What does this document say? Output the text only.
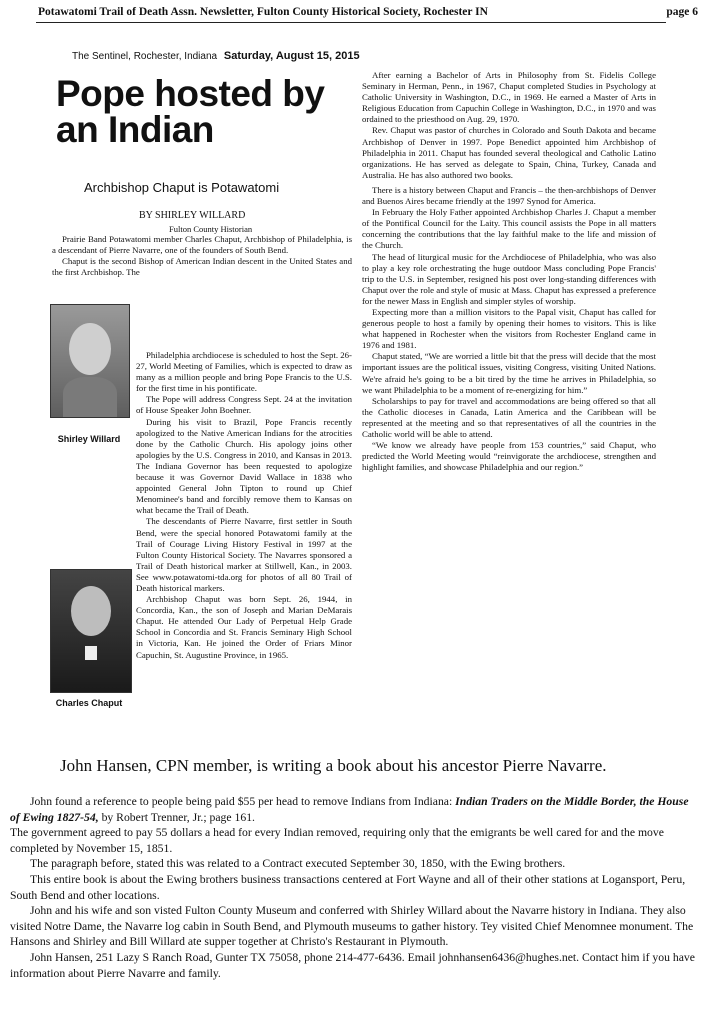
Potawatomi Trail of Death Assn. Newsletter, Fulton County Historical Society, Rochester IN	page 6
The Sentinel, Rochester, Indiana Saturday, August 15, 2015
Pope hosted by an Indian
Archbishop Chaput is Potawatomi
BY SHIRLEY WILLARD
Fulton County Historian

Prairie Band Potawatomi member Charles Chaput, Archbishop of Philadelphia, is a descendant of Pierre Navarre, one of the founders of South Bend.

Chaput is the second Bishop of American Indian descent in the United States and the first Archbishop. The

Shirley Willard

Philadelphia archdiocese is scheduled to host the Sept. 26-27, World Meeting of Families, which is expected to draw as many as a million people and bring Pope Francis to the U.S. for the first time in his pontificate.

The Pope will address Congress Sept. 24 at the invitation of House Speaker John Boehner.

During his visit to Brazil, Pope Francis recently apologized to the Native American Indians for the atrocities done by the Catholic Church. His apology joins other apologies by the U.S. Congress in 2010, and Kansas in 2013. The Indiana Governor has been requested to apologize because it was Governor David Wallace in 1838 who appointed General John Tipton to round up Chief Menominee's band and forcibly remove them to Kansas on what became the Trail of Death.

The descendants of Pierre Navarre, first settler in South Bend, were the special honored Potawatomi family at the Trail of Courage Living History Festival in 1997 at the Fulton County Historical Society. The Navarres sponsored a Trail of Death historical marker at Stillwell, Kan., in 2003. See www.potawatomi-tda.org for photos of all 80 Trail of Death historical markers.

Archbishop Chaput was born Sept. 26, 1944, in Concordia, Kan., the son of Joseph and Marian DeMarais Chaput. He attended Our Lady of Perpetual Help Grade School in Concordia and St. Francis Seminary High School in Victoria, Kan. He joined the Order of Friars Minor Capuchin, St. Augustine Province, in 1965.

Charles Chaput

After earning a Bachelor of Arts in Philosophy from St. Fidelis College Seminary in Herman, Penn., in 1967, Chaput completed Studies in Psychology at Catholic University in Washington, D.C., in 1969. He earned a Master of Arts in Religious Education from Capuchin College in Washington, D.C., in 1970 and was ordained to the priesthood on Aug. 29, 1970.

Rev. Chaput was pastor of churches in Colorado and South Dakota and became Archbishop of Denver in 1997. Pope Benedict appointed him Archbishop of Philadelphia in 2011. Chaput has founded several theological and Catholic Latino organizations. He has served as delegate to Spain, China, Turkey, Canada and Australia. He has also authored two books.

There is a history between Chaput and Francis – the then-archbishops of Denver and Buenos Aires became friendly at the 1997 Synod for America.

In February the Holy Father appointed Archbishop Charles J. Chaput a member of the Pontifical Council for the Laity. This council assists the Pope in all matters concerning the contributions that the lay faithful make to the life and mission of the Church.

The head of liturgical music for the Archdiocese of Philadelphia, who was also to play a key role orchestrating the huge outdoor Mass concluding Pope Francis' trip to the U.S. in September, resigned his post over long-standing differences with Chaput over the role and style of music at Mass. Chaput has expressed a preference for the newer Mass in English and simpler styles of worship.

Expecting more than a million visitors to the Papal visit, Chaput has called for generous people to host a family by opening their homes to visitors. This is like what happened in Rochester when the visitors from Rochester England came in 1976 and 1981.

Chaput stated, “We are worried a little bit that the press will decide that the most important issues are the political issues, visiting Congress, visiting United Nations. We're afraid he's going to be a bit tired by the time he arrives in Philadelphia, so we want Philadelphia to be a moment of re-energizing for him.”

Scholarships to pay for travel and accommodations are being offered so that all the Catholic dioceses in Canada, Latin America and the Caribbean will be represented at the meeting and so that representatives of all the countries in the Catholic world will be able to attend.

“We know we already have people from 153 countries,” said Chaput, who predicted the World Meeting would “reinvigorate the archdiocese, strengthen and highlight families, and showcase Philadelphia and our region.”

John Hansen, CPN member, is writing a book about his ancestor Pierre Navarre.

John found a reference to people being paid $55 per head to remove Indians from Indiana: Indian Traders on the Middle Border, the House of Ewing 1827-54, by Robert Trenner, Jr.; page 161.

The government agreed to pay 55 dollars a head for every Indian removed, requiring only that the emigrants be well cared for and the move completed by November 15, 1851.

The paragraph before, stated this was related to a Contract executed September 30, 1850, with the Ewing brothers.

This entire book is about the Ewing brothers business transactions centered at Fort Wayne and all of their other stations at Logansport, Peru, South Bend and other locations.

John and his wife and son visted Fulton County Museum and conferred with Shirley Willard about the Navarre history in Indiana. They also visited Notre Dame, the Navarre log cabin in South Bend, and Plymouth museums to gather history. Tey visited Chief Menomnee monument. The Hansons and Shirley and Bill Willard ate supper together at Christo's Restaurant in Plymouth.

John Hansen, 251 Lazy S Ranch Road, Gunter TX 75058, phone 214-477-6436. Email johnhansen6436@hughes.net. Contact him if you have information about Pierre Navarre and family.
